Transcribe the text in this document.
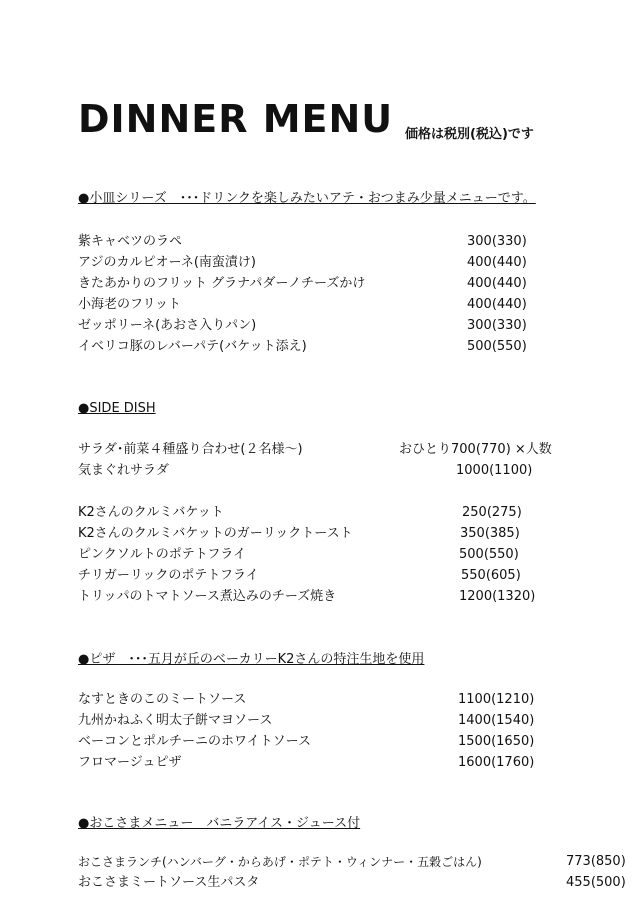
DINNER MENU 価格は税別(税込)です
●小皿シリーズ　･･･ドリンクを楽しみたいアテ・おつまみ少量メニューです。
紫キャベツのラペ	300(330)
アジのカルピオーネ(南蛮漬け)	400(440)
きたあかりのフリット グラナパダーノチーズかけ	400(440)
小海老のフリット	400(440)
ゼッポリーネ(あおさ入りパン)	300(330)
イベリコ豚のレバーパテ(バケット添え)	500(550)
●SIDE DISH
サラダ･前菜４種盛り合わせ(２名様〜)	おひとり700(770) ×人数
気まぐれサラダ	1000(1100)
K2さんのクルミバケット	250(275)
K2さんのクルミバケットのガーリックトースト	350(385)
ピンクソルトのポテトフライ	500(550)
チリガーリックのポテトフライ	550(605)
トリッパのトマトソース煮込みのチーズ焼き	1200(1320)
●ピザ　･･･五月が丘のベーカリーK2さんの特注生地を使用
なすときのこのミートソース	1100(1210)
九州かねふく明太子餅マヨソース	1400(1540)
ベーコンとポルチーニのホワイトソース	1500(1650)
フロマージュピザ	1600(1760)
●おこさまメニュー　バニラアイス・ジュース付
おこさまランチ(ハンバーグ・からあげ・ポテト・ウィンナー・五穀ごはん)	773(850)
おこさまミートソース生パスタ	455(500)
